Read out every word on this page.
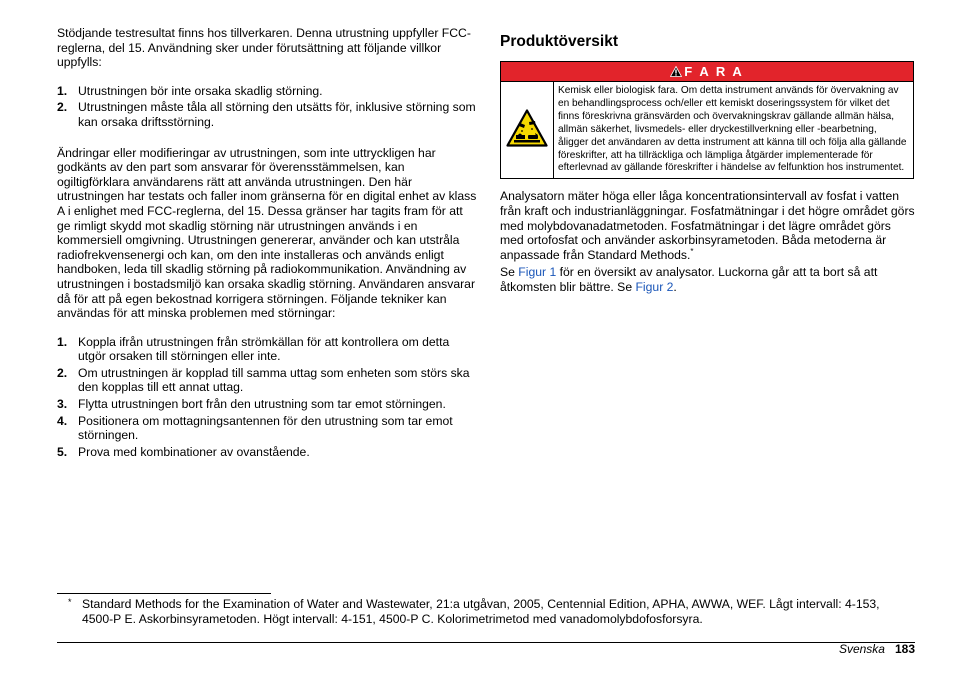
Stödjande testresultat finns hos tillverkaren. Denna utrustning uppfyller FCC-reglerna, del 15. Användning sker under förutsättning att följande villkor uppfylls:

1. Utrustningen bör inte orsaka skadlig störning.
2. Utrustningen måste tåla all störning den utsätts för, inklusive störning som kan orsaka driftsstörning.

Ändringar eller modifieringar av utrustningen, som inte uttryckligen har godkänts av den part som ansvarar för överensstämmelsen, kan ogiltigförklara användarens rätt att använda utrustningen. Den här utrustningen har testats och faller inom gränserna för en digital enhet av klass A i enlighet med FCC-reglerna, del 15. Dessa gränser har tagits fram för att ge rimligt skydd mot skadlig störning när utrustningen används i en kommersiell omgivning. Utrustningen genererar, använder och kan utstråla radiofrekvensenergi och kan, om den inte installeras och används enligt handboken, leda till skadlig störning på radiokommunikation. Användning av utrustningen i bostadsmiljö kan orsaka skadlig störning. Användaren ansvarar då för att på egen bekostnad korrigera störningen. Följande tekniker kan användas för att minska problemen med störningar:

1. Koppla ifrån utrustningen från strömkällan för att kontrollera om detta utgör orsaken till störningen eller inte.
2. Om utrustningen är kopplad till samma uttag som enheten som störs ska den kopplas till ett annat uttag.
3. Flytta utrustningen bort från den utrustning som tar emot störningen.
4. Positionera om mottagningsantennen för den utrustning som tar emot störningen.
5. Prova med kombinationer av ovanstående.
Produktöversikt
F A R A
Kemisk eller biologisk fara. Om detta instrument används för övervakning av en behandlingsprocess och/eller ett kemiskt doseringssystem för vilket det finns föreskrivna gränsvärden och övervakningskrav gällande allmän hälsa, allmän säkerhet, livsmedels- eller dryckestillverkning eller -bearbetning, åligger det användaren av detta instrument att känna till och följa alla gällande föreskrifter, att ha tillräckliga och lämpliga åtgärder implementerade för efterlevnad av gällande föreskrifter i händelse av felfunktion hos instrumentet.

Analysatorn mäter höga eller låga koncentrationsintervall av fosfat i vatten från kraft och industrianläggningar. Fosfatmätningar i det högre området görs med molybdovanadatmetoden. Fosfatmätningar i det lägre området görs med ortofosfat och använder askorbinsyrametoden. Båda metoderna är anpassade från Standard Methods.*

Se Figur 1 för en översikt av analysator. Luckorna går att ta bort så att åtkomsten blir bättre. Se Figur 2.

* Standard Methods for the Examination of Water and Wastewater, 21:a utgåvan, 2005, Centennial Edition, APHA, AWWA, WEF. Lågt intervall: 4-153, 4500-P E. Askorbinsyrametoden. Högt intervall: 4-151, 4500-P C. Kolorimetrimetod med vanadomolybdofosforsyra.

Svenska 183
